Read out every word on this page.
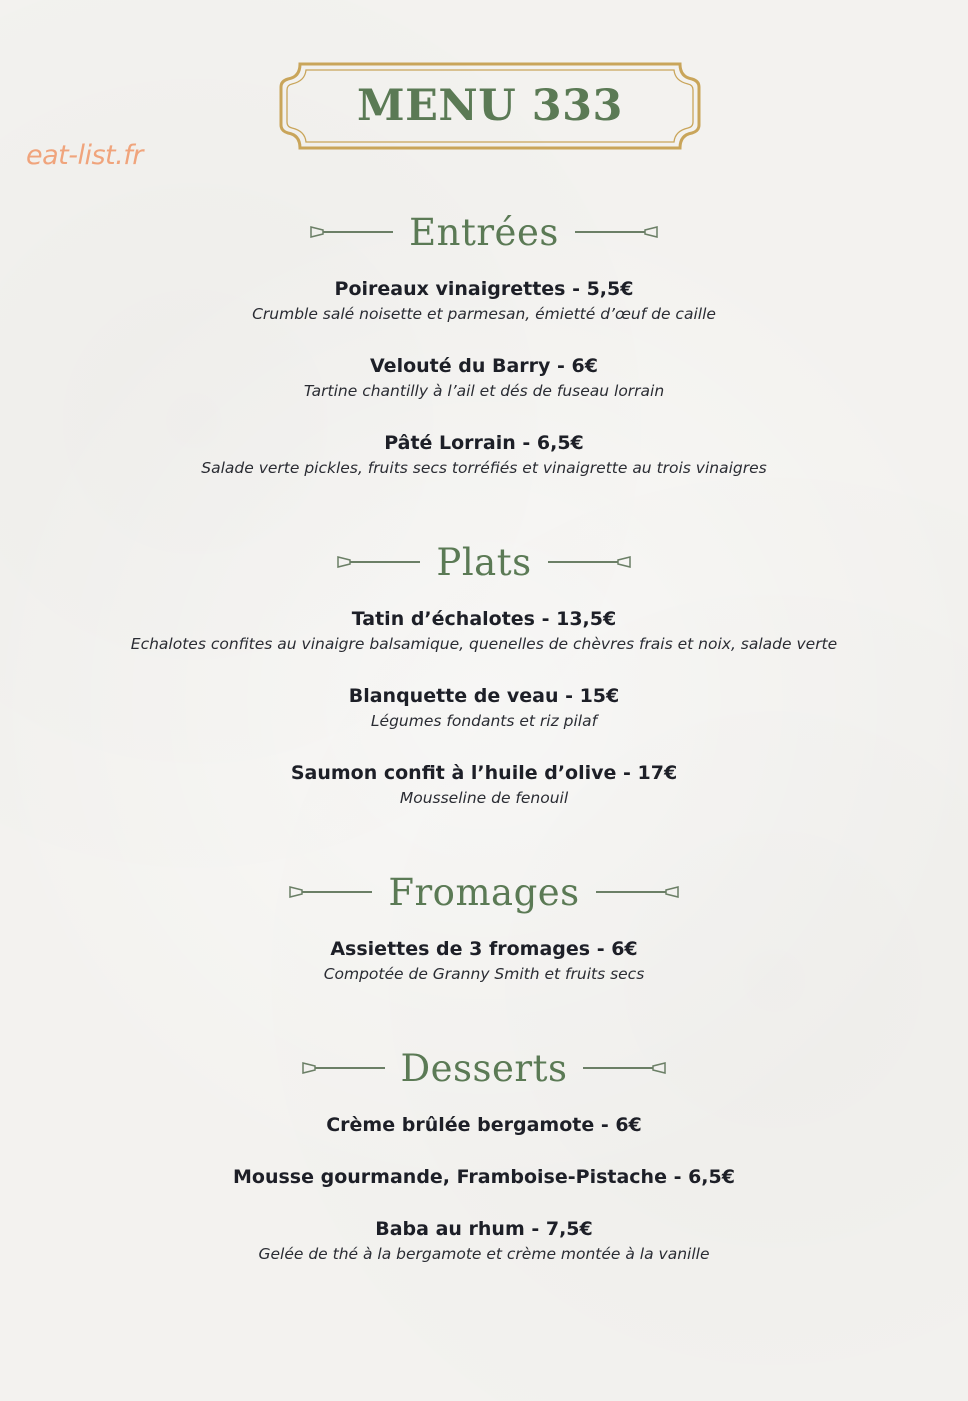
eat-list.fr
MENU 333
Entrées
Poireaux vinaigrettes - 5,5€
Crumble salé noisette et parmesan, émietté d’œuf de caille
Velouté du Barry - 6€
Tartine chantilly à l’ail et dés de fuseau lorrain
Pâté Lorrain - 6,5€
Salade verte pickles, fruits secs torréfiés et vinaigrette au trois vinaigres
Plats
Tatin d’échalotes - 13,5€
Echalotes confites au vinaigre balsamique, quenelles de chèvres frais et noix, salade verte
Blanquette de veau - 15€
Légumes fondants et riz pilaf
Saumon confit à l’huile d’olive - 17€
Mousseline de fenouil
Fromages
Assiettes de 3 fromages - 6€
Compotée de Granny Smith et fruits secs
Desserts
Crème brûlée bergamote - 6€
Mousse gourmande, Framboise-Pistache - 6,5€
Baba au rhum - 7,5€
Gelée de thé à la bergamote et crème montée à la vanille
